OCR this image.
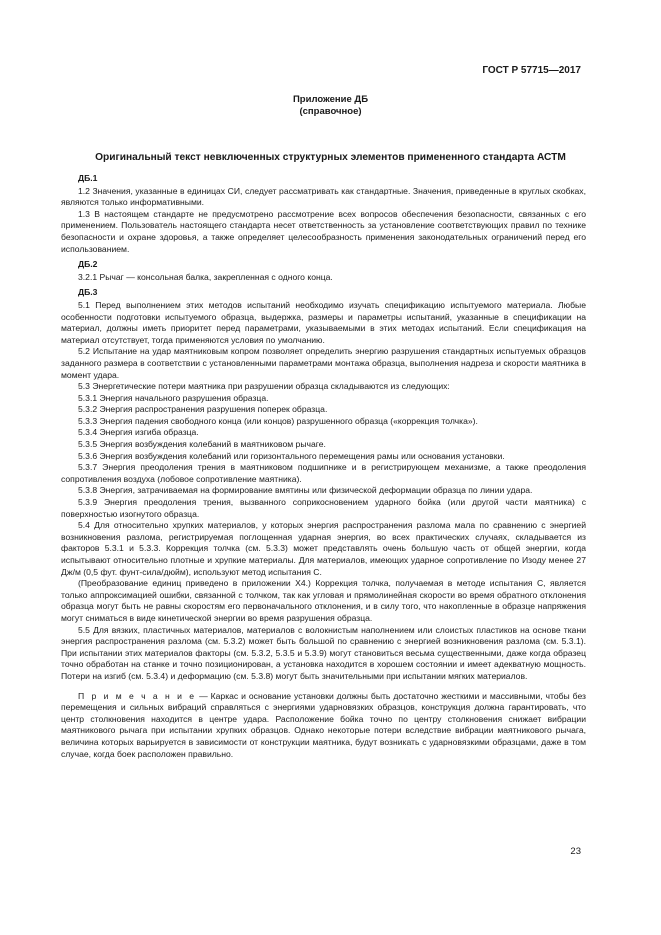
ГОСТ Р 57715—2017
Приложение ДБ
(справочное)
Оригинальный текст невключенных структурных элементов примененного стандарта АСТМ

ДБ.1

1.2 Значения, указанные в единицах СИ, следует рассматривать как стандартные. Значения, приведенные в круглых скобках, являются только информативными.

1.3 В настоящем стандарте не предусмотрено рассмотрение всех вопросов обеспечения безопасности, связанных с его применением. Пользователь настоящего стандарта несет ответственность за установление соответствующих правил по технике безопасности и охране здоровья, а также определяет целесообразность применения законодательных ограничений перед его использованием.

ДБ.2

3.2.1 Рычаг — консольная балка, закрепленная с одного конца.

ДБ.3

5.1 Перед выполнением этих методов испытаний необходимо изучать спецификацию испытуемого материала. Любые особенности подготовки испытуемого образца, выдержка, размеры и параметры испытаний, указанные в спецификации на материал, должны иметь приоритет перед параметрами, указываемыми в этих методах испытаний. Если спецификация на материал отсутствует, тогда применяются условия по умолчанию.

5.2 Испытание на удар маятниковым копром позволяет определить энергию разрушения стандартных испытуемых образцов заданного размера в соответствии с установленными параметрами монтажа образца, выполнения надреза и скорости маятника в момент удара.

5.3 Энергетические потери маятника при разрушении образца складываются из следующих:

5.3.1 Энергия начального разрушения образца.

5.3.2 Энергия распространения разрушения поперек образца.

5.3.3 Энергия падения свободного конца (или концов) разрушенного образца («коррекция толчка»).

5.3.4 Энергия изгиба образца.

5.3.5 Энергия возбуждения колебаний в маятниковом рычаге.

5.3.6 Энергия возбуждения колебаний или горизонтального перемещения рамы или основания установки.

5.3.7 Энергия преодоления трения в маятниковом подшипнике и в регистрирующем механизме, а также преодоления сопротивления воздуха (лобовое сопротивление маятника).

5.3.8 Энергия, затрачиваемая на формирование вмятины или физической деформации образца по линии удара.

5.3.9 Энергия преодоления трения, вызванного соприкосновением ударного бойка (или другой части маятника) с поверхностью изогнутого образца.

5.4 Для относительно хрупких материалов, у которых энергия распространения разлома мала по сравнению с энергией возникновения разлома, регистрируемая поглощенная ударная энергия, во всех практических случаях, складывается из факторов 5.3.1 и 5.3.3. Коррекция толчка (см. 5.3.3) может представлять очень большую часть от общей энергии, когда испытывают относительно плотные и хрупкие материалы. Для материалов, имеющих ударное сопротивление по Изоду менее 27 Дж/м (0,5 фут. фунт-сила/дюйм), используют метод испытания С.

(Преобразование единиц приведено в приложении X4.) Коррекция толчка, получаемая в методе испытания С, является только аппроксимацией ошибки, связанной с толчком, так как угловая и прямолинейная скорости во время обратного отклонения образца могут быть не равны скоростям его первоначального отклонения, и в силу того, что накопленные в образце напряжения могут сниматься в виде кинетической энергии во время разрушения образца.

5.5 Для вязких, пластичных материалов, материалов с волокнистым наполнением или слоистых пластиков на основе ткани энергия распространения разлома (см. 5.3.2) может быть большой по сравнению с энергией возникновения разлома (см. 5.3.1). При испытании этих материалов факторы (см. 5.3.2, 5.3.5 и 5.3.9) могут становиться весьма существенными, даже когда образец точно обработан на станке и точно позиционирован, а установка находится в хорошем состоянии и имеет адекватную мощность. Потери на изгиб (см. 5.3.4) и деформацию (см. 5.3.8) могут быть значительными при испытании мягких материалов.

П р и м е ч а н и е — Каркас и основание установки должны быть достаточно жесткими и массивными, чтобы без перемещения и сильных вибраций справляться с энергиями ударновязких образцов, конструкция должна гарантировать, что центр столкновения находится в центре удара. Расположение бойка точно по центру столкновения снижает вибрации маятникового рычага при испытании хрупких образцов. Однако некоторые потери вследствие вибрации маятникового рычага, величина которых варьируется в зависимости от конструкции маятника, будут возникать с ударновязкими образцами, даже в том случае, когда боек расположен правильно.

23
